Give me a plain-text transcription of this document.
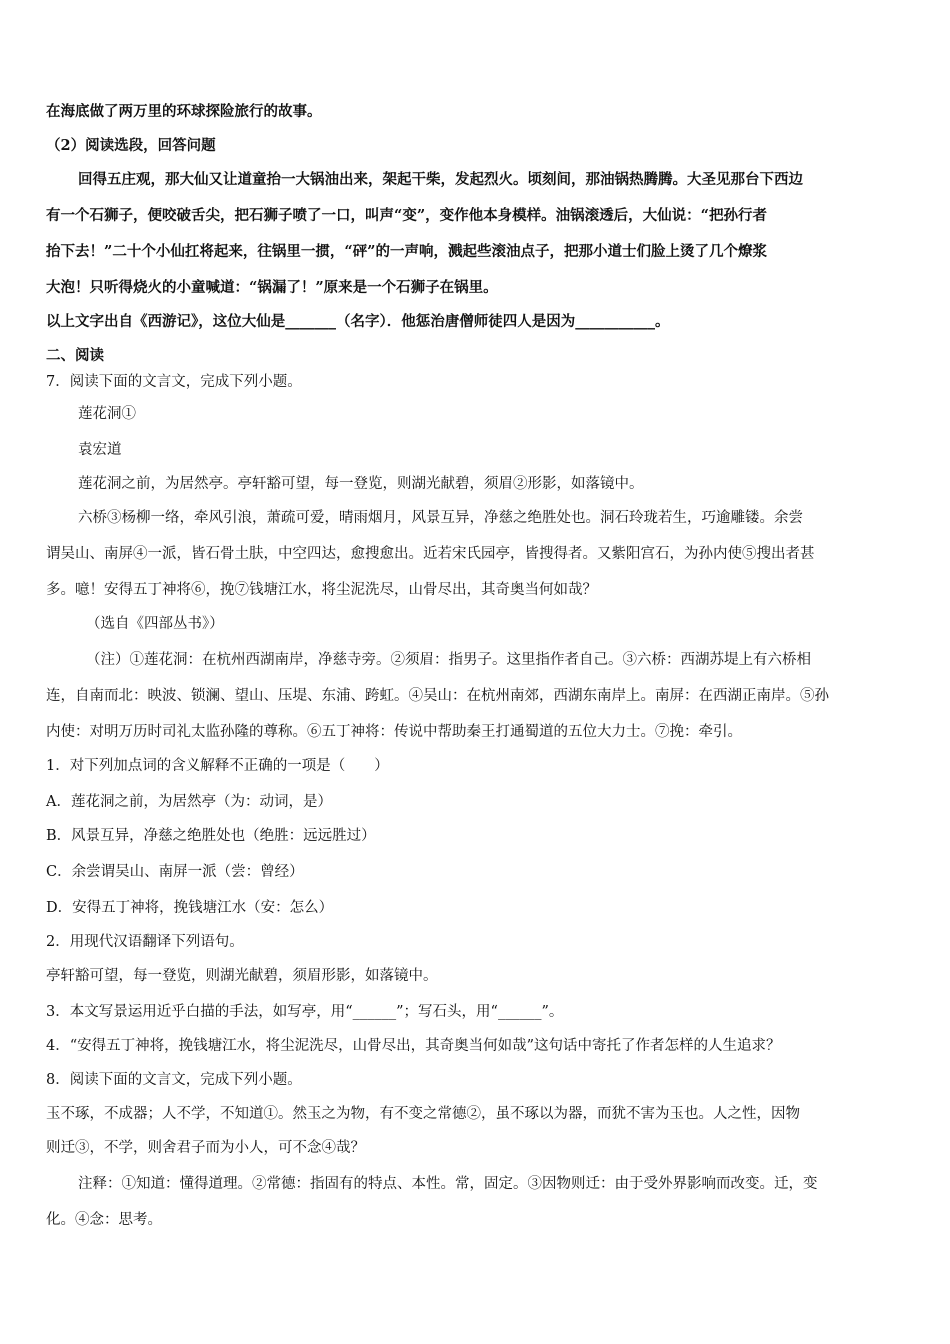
在海底做了两万里的环球探险旅行的故事。
（2）阅读选段，回答问题
回得五庄观，那大仙又让道童抬一大锅油出来，架起干柴，发起烈火。顷刻间，那油锅热腾腾。大圣见那台下西边
有一个石狮子，便咬破舌尖，把石狮子喷了一口，叫声“变”，变作他本身模样。油锅滚透后，大仙说：“把孙行者
抬下去！”二十个小仙扛将起来，往锅里一掼，“砰”的一声响，溅起些滚油点子，把那小道士们脸上烫了几个燎浆
大泡！只听得烧火的小童喊道：“锅漏了！”原来是一个石狮子在锅里。
以上文字出自《西游记》，这位大仙是_______（名字）．他惩治唐僧师徒四人是因为___________。
二、阅读
7．阅读下面的文言文，完成下列小题。
莲花洞①
袁宏道
莲花洞之前，为居然亭。亭轩豁可望，每一登览，则湖光献碧，须眉②形影，如落镜中。
六桥③杨柳一络，牵风引浪，萧疏可爱，晴雨烟月，风景互异，净慈之绝胜处也。洞石玲珑若生，巧逾雕镂。余尝
谓吴山、南屏④一派，皆石骨土肤，中空四达，愈搜愈出。近若宋氏园亭，皆搜得者。又紫阳宫石，为孙内使⑤搜出者甚
多。噫！安得五丁神将⑥，挽⑦钱塘江水，将尘泥洗尽，山骨尽出，其奇奥当何如哉？
（选自《四部丛书》）
（注）①莲花洞：在杭州西湖南岸，净慈寺旁。②须眉：指男子。这里指作者自己。③六桥：西湖苏堤上有六桥相
连，自南而北：映波、锁澜、望山、压堤、东浦、跨虹。④吴山：在杭州南郊，西湖东南岸上。南屏：在西湖正南岸。⑤孙
内使：对明万历时司礼太监孙隆的尊称。⑥五丁神将：传说中帮助秦王打通蜀道的五位大力士。⑦挽：牵引。
1．对下列加点词的含义解释不正确的一项是（　　）
A．莲花洞之前，为居然亭（为：动词，是）
B．风景互异，净慈之绝胜处也（绝胜：远远胜过）
C．余尝谓吴山、南屏一派（尝：曾经）
D．安得五丁神将，挽钱塘江水（安：怎么）
2．用现代汉语翻译下列语句。
亭轩豁可望，每一登览，则湖光献碧，须眉形影，如落镜中。
3．本文写景运用近乎白描的手法，如写亭，用“______”；写石头，用“______”。
4．“安得五丁神将，挽钱塘江水，将尘泥洗尽，山骨尽出，其奇奥当何如哉”这句话中寄托了作者怎样的人生追求？
8．阅读下面的文言文，完成下列小题。
玉不琢，不成器；人不学，不知道①。然玉之为物，有不变之常德②，虽不琢以为器，而犹不害为玉也。人之性，因物
则迁③，不学，则舍君子而为小人，可不念④哉？
注释：①知道：懂得道理。②常德：指固有的特点、本性。常，固定。③因物则迁：由于受外界影响而改变。迁，变
化。④念：思考。
